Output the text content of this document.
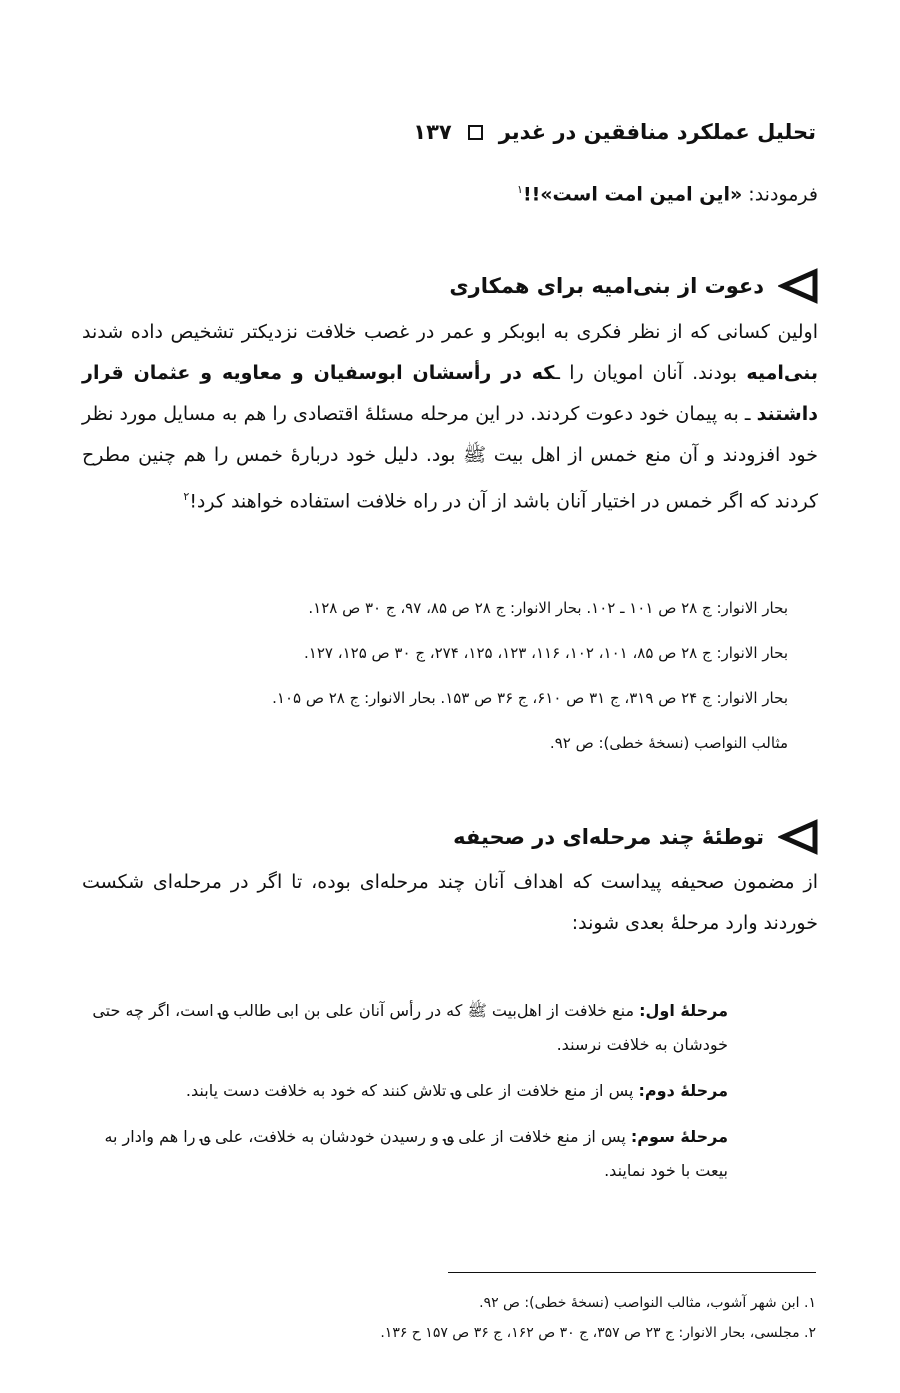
تحلیل عملکرد منافقین در غدیر
۱۳۷
فرمودند: «این امین امت است»!!$^۱$
دعوت از بنی‌امیه برای همکاری
اولین کسانی که از نظر فکری به ابوبکر و عمر در غصب خلافت نزدیکتر تشخیص داده شدند بنی‌امیه بودند. آنان امویان را ـکه در رأسشان ابوسفیان و معاویه و عثمان قرار داشتند ـ به پیمان خود دعوت کردند. در این مرحله مسئلهٔ اقتصادی را هم به مسایل مورد نظر خود افزودند و آن منع خمس از اهل بیت ﷺ بود. دلیل خود دربارهٔ خمس را هم چنین مطرح کردند که اگر خمس در اختیار آنان باشد از آن در راه خلافت استفاده خواهند کرد!$^۲$
بحار الانوار: ج ۲۸ ص ۱۰۱ ـ ۱۰۲. بحار الانوار: ج ۲۸ ص ۸۵، ۹۷، ج ۳۰ ص ۱۲۸.
بحار الانوار: ج ۲۸ ص ۸۵، ۱۰۱، ۱۰۲، ۱۱۶، ۱۲۳، ۱۲۵، ۲۷۴، ج ۳۰ ص ۱۲۵، ۱۲۷.
بحار الانوار: ج ۲۴ ص ۳۱۹، ج ۳۱ ص ۶۱۰، ج ۳۶ ص ۱۵۳. بحار الانوار: ج ۲۸ ص ۱۰۵.
مثالب النواصب (نسخهٔ خطی): ص ۹۲.
توطئهٔ چند مرحله‌ای در صحیفه
از مضمون صحیفه پیداست که اهداف آنان چند مرحله‌ای بوده، تا اگر در مرحله‌ای شکست خوردند وارد مرحلهٔ بعدی شوند:
مرحلهٔ اول: منع خلافت از اهل‌بیت ﷺ که در رأس آنان علی بن ابی طالب ؈ است، اگر چه حتی خودشان به خلافت نرسند.
مرحلهٔ دوم: پس از منع خلافت از علی ؈ تلاش کنند که خود به خلافت دست یابند.
مرحلهٔ سوم: پس از منع خلافت از علی ؈ و رسیدن خودشان به خلافت، علی ؈ را هم وادار به بیعت با خود نمایند.
۱. ابن شهر آشوب، مثالب النواصب (نسخهٔ خطی): ص ۹۲.
۲. مجلسی، بحار الانوار: ج ۲۳ ص ۳۵۷، ج ۳۰ ص ۱۶۲، ج ۳۶ ص ۱۵۷ ح ۱۳۶.
